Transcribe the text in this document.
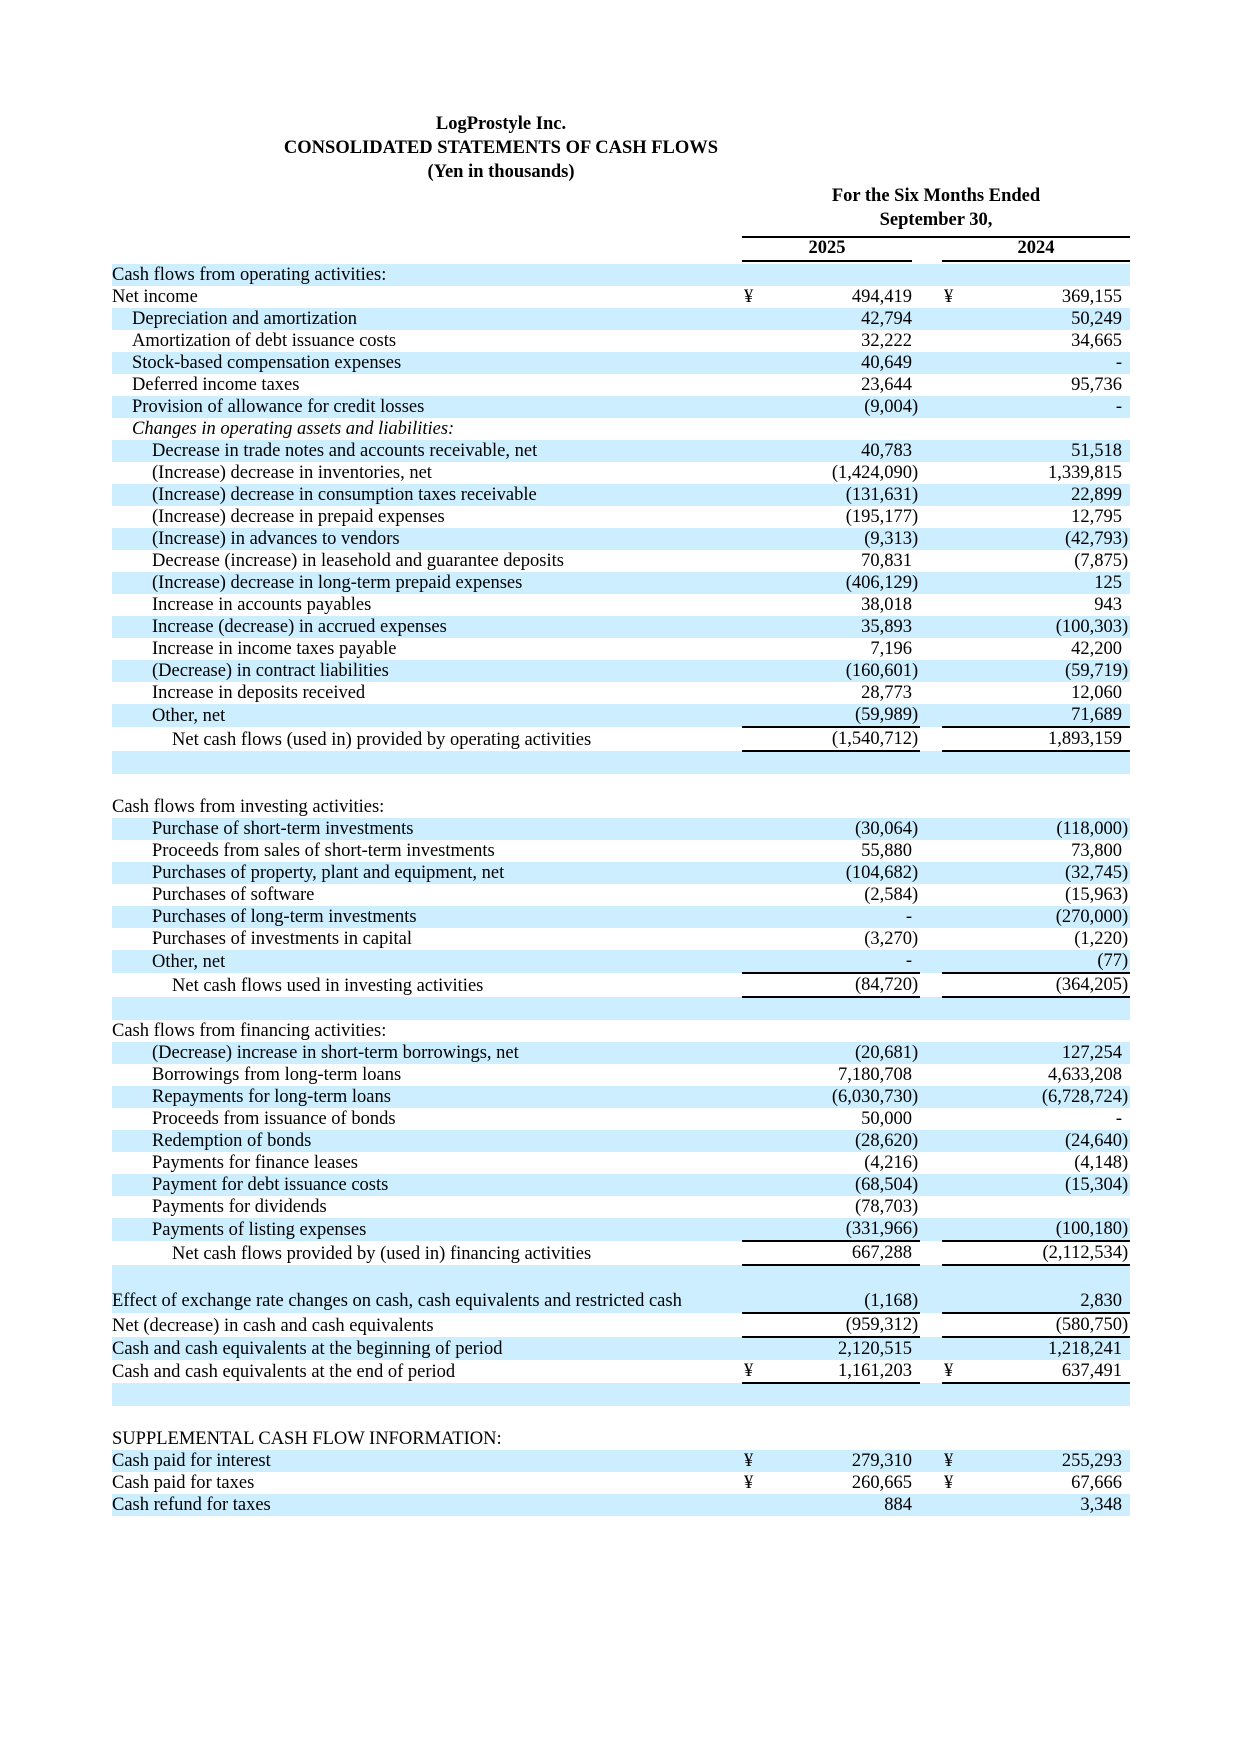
LogProstyle Inc.
CONSOLIDATED STATEMENTS OF CASH FLOWS
(Yen in thousands)
For the Six Months Ended
September 30,
2025	2024
Cash flows from operating activities:							
Net income	¥	494,419			¥	369,155	
Depreciation and amortization		42,794				50,249	
Amortization of debt issuance costs		32,222				34,665	
Stock-based compensation expenses		40,649				-	
Deferred income taxes		23,644				95,736	
Provision of allowance for credit losses		(9,004	)			-	
Changes in operating assets and liabilities:							
Decrease in trade notes and accounts receivable, net		40,783				51,518	
(Increase) decrease in inventories, net		(1,424,090	)			1,339,815	
(Increase) decrease in consumption taxes receivable		(131,631	)			22,899	
(Increase) decrease in prepaid expenses		(195,177	)			12,795	
(Increase) in advances to vendors		(9,313	)			(42,793	)
Decrease (increase) in leasehold and guarantee deposits		70,831				(7,875	)
(Increase) decrease in long-term prepaid expenses		(406,129	)			125	
Increase in accounts payables		38,018				943	
Increase (decrease) in accrued expenses		35,893				(100,303	)
Increase in income taxes payable		7,196				42,200	
(Decrease) in contract liabilities		(160,601	)			(59,719	)
Increase in deposits received		28,773				12,060	
Other, net		(59,989	)			71,689	
Net cash flows (used in) provided by operating activities		(1,540,712	)			1,893,159	

Cash flows from investing activities:							
Purchase of short-term investments		(30,064	)			(118,000	)
Proceeds from sales of short-term investments		55,880				73,800	
Purchases of property, plant and equipment, net		(104,682	)			(32,745	)
Purchases of software		(2,584	)			(15,963	)
Purchases of long-term investments		-				(270,000	)
Purchases of investments in capital		(3,270	)			(1,220	)
Other, net		-				(77	)
Net cash flows used in investing activities		(84,720	)			(364,205	)

Cash flows from financing activities:							
(Decrease) increase in short-term borrowings, net		(20,681	)			127,254	
Borrowings from long-term loans		7,180,708				4,633,208	
Repayments for long-term loans		(6,030,730	)			(6,728,724	)
Proceeds from issuance of bonds		50,000				-	
Redemption of bonds		(28,620	)			(24,640	)
Payments for finance leases		(4,216	)			(4,148	)
Payment for debt issuance costs		(68,504	)			(15,304	)
Payments for dividends		(78,703	)				
Payments of listing expenses		(331,966	)			(100,180	)
Net cash flows provided by (used in) financing activities		667,288				(2,112,534	)
Effect of exchange rate changes on cash, cash equivalents and restricted cash		(1,168	)			2,830	
Net (decrease) in cash and cash equivalents		(959,312	)			(580,750	)
Cash and cash equivalents at the beginning of period		2,120,515				1,218,241	
Cash and cash equivalents at the end of period	¥	1,161,203			¥	637,491	

SUPPLEMENTAL CASH FLOW INFORMATION:							
Cash paid for interest	¥	279,310			¥	255,293	
Cash paid for taxes	¥	260,665			¥	67,666	
Cash refund for taxes		884				3,348	
